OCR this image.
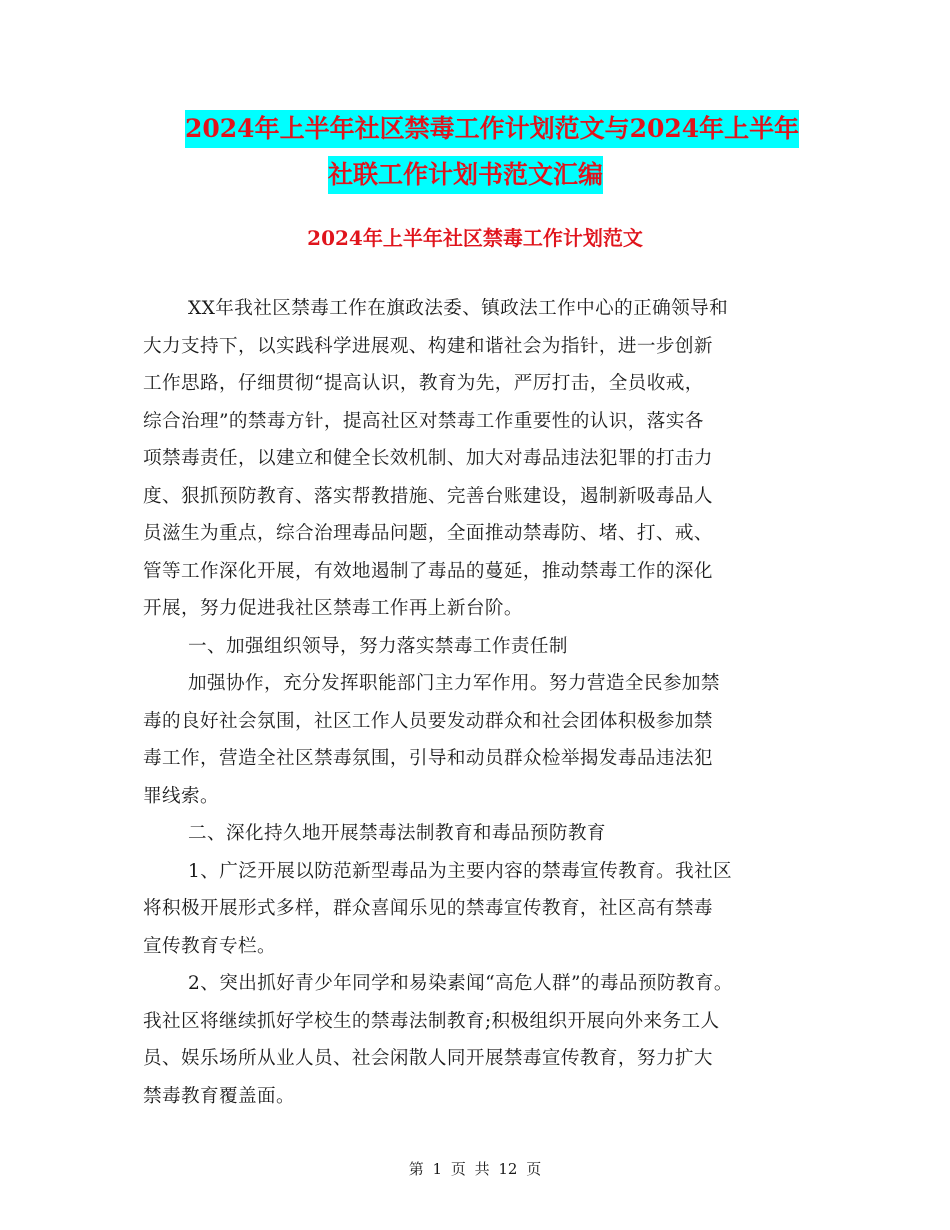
2024年上半年社区禁毒工作计划范文与2024年上半年
社联工作计划书范文汇编
2024年上半年社区禁毒工作计划范文
XX年我社区禁毒工作在旗政法委、镇政法工作中心的正确领导和
大力支持下，以实践科学进展观、构建和谐社会为指针，进一步创新
工作思路，仔细贯彻“提高认识，教育为先，严厉打击，全员收戒，
综合治理”的禁毒方针，提高社区对禁毒工作重要性的认识，落实各
项禁毒责任，以建立和健全长效机制、加大对毒品违法犯罪的打击力
度、狠抓预防教育、落实帮教措施、完善台账建设，遏制新吸毒品人
员滋生为重点，综合治理毒品问题，全面推动禁毒防、堵、打、戒、
管等工作深化开展，有效地遏制了毒品的蔓延，推动禁毒工作的深化
开展，努力促进我社区禁毒工作再上新台阶。
一、加强组织领导，努力落实禁毒工作责任制
加强协作，充分发挥职能部门主力军作用。努力营造全民参加禁
毒的良好社会氛围，社区工作人员要发动群众和社会团体积极参加禁
毒工作，营造全社区禁毒氛围，引导和动员群众检举揭发毒品违法犯
罪线索。
二、深化持久地开展禁毒法制教育和毒品预防教育
1、广泛开展以防范新型毒品为主要内容的禁毒宣传教育。我社区
将积极开展形式多样，群众喜闻乐见的禁毒宣传教育，社区高有禁毒
宣传教育专栏。
2、突出抓好青少年同学和易染素闻“高危人群”的毒品预防教育。
我社区将继续抓好学校生的禁毒法制教育;积极组织开展向外来务工人
员、娱乐场所从业人员、社会闲散人同开展禁毒宣传教育，努力扩大
禁毒教育覆盖面。
第 1 页 共 12 页
